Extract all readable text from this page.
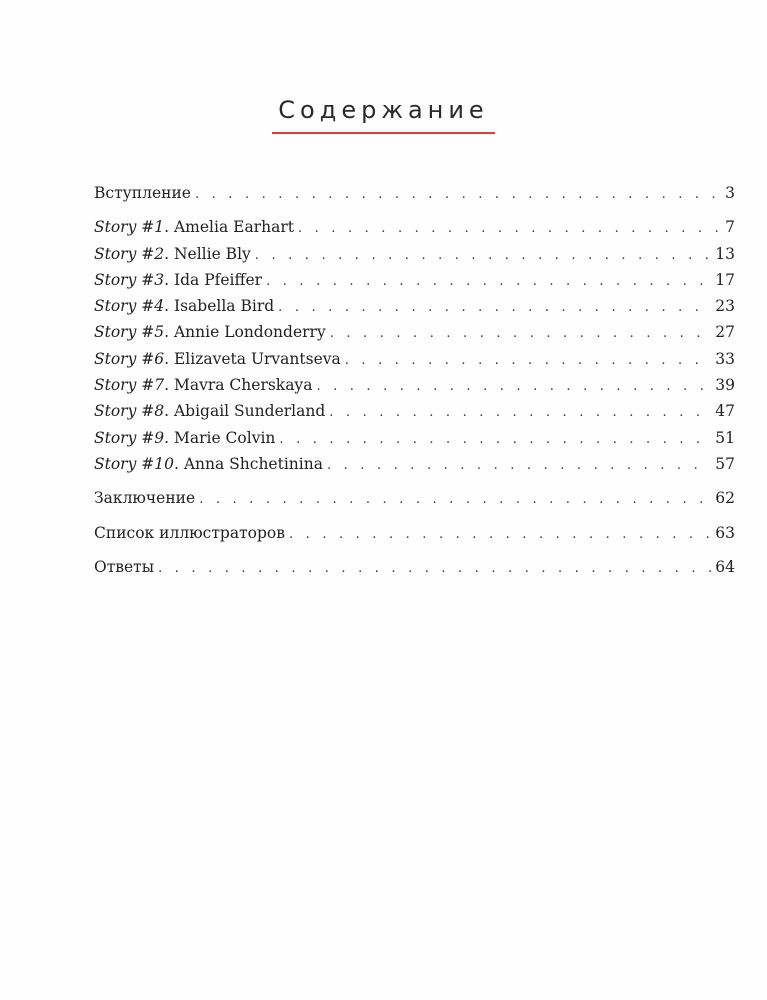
Содержание
Вступление . . .	3
Story #1. Amelia Earhart . . .	7
Story #2. Nellie Bly . . .	13
Story #3. Ida Pfeiffer . . .	17
Story #4. Isabella Bird . . .	23
Story #5. Annie Londonderry . . .	27
Story #6. Elizaveta Urvantseva . . .	33
Story #7. Mavra Cherskaya . . .	39
Story #8. Abigail Sunderland . . .	47
Story #9. Marie Colvin . . .	51
Story #10. Anna Shchetinina . . .	57
Заключение . . .	62
Список иллюстраторов . . .	63
Ответы . . .	64
